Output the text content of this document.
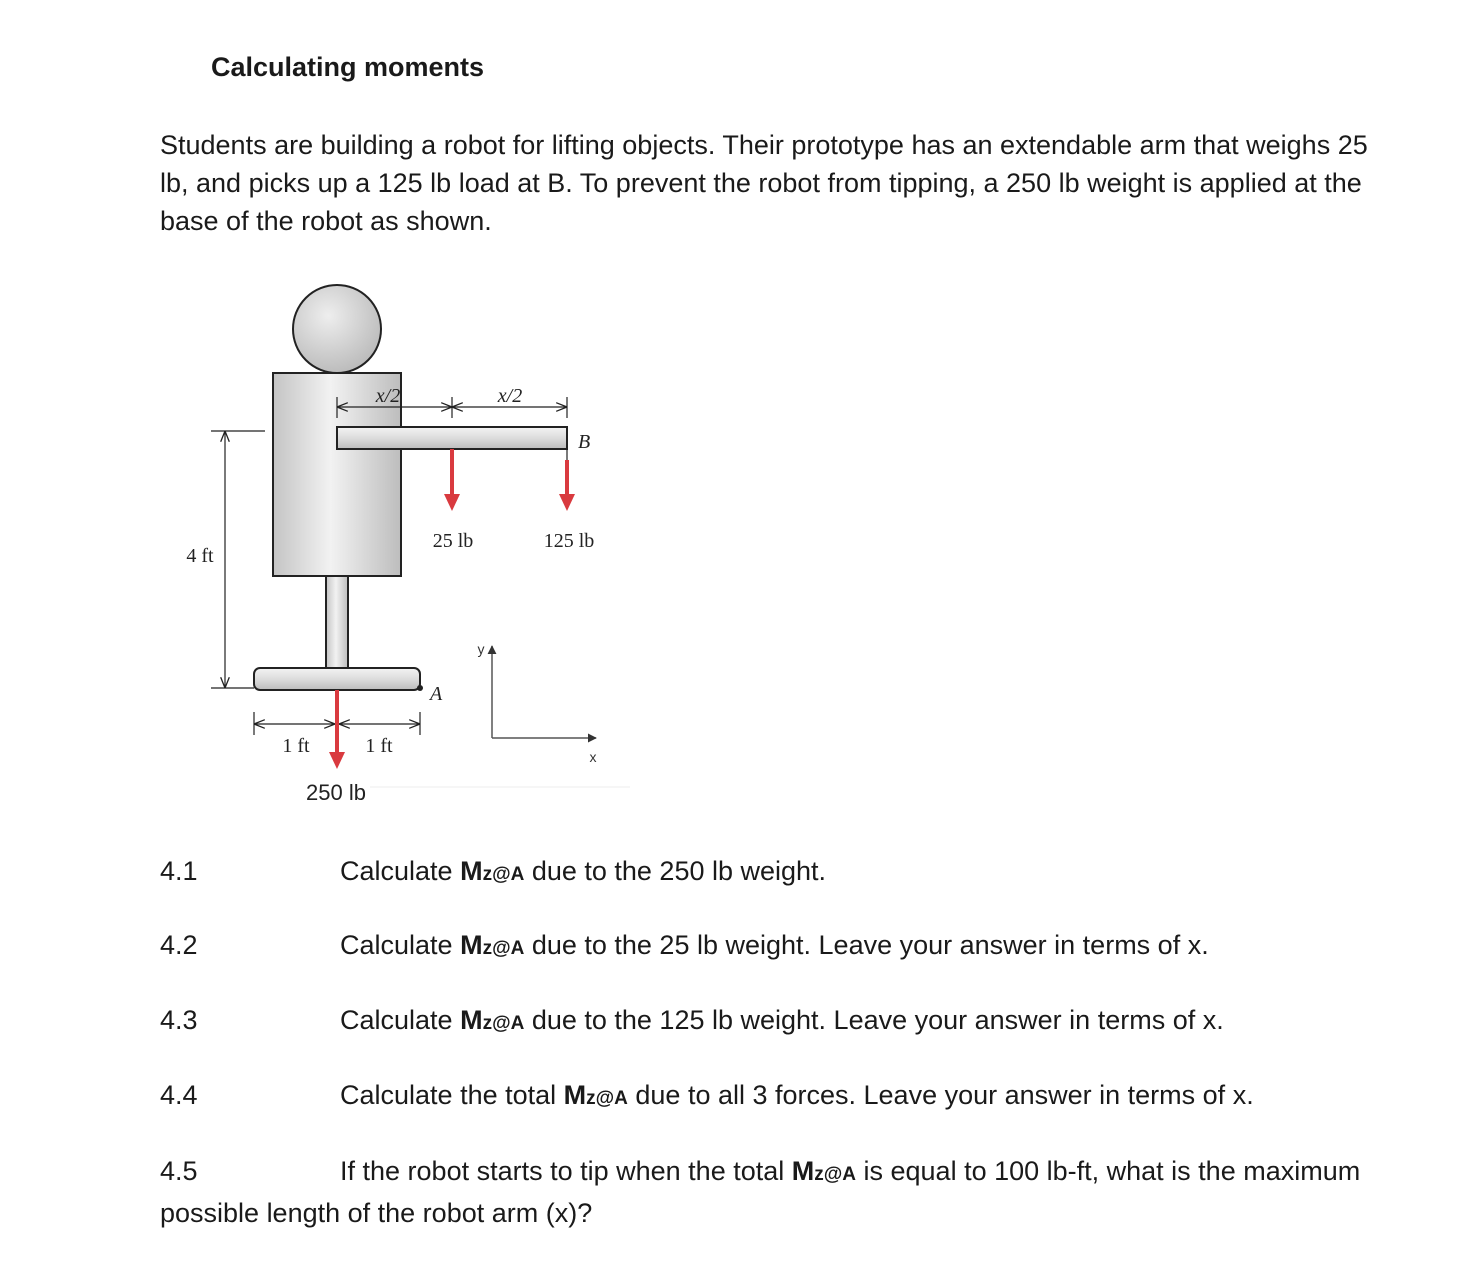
Calculating moments
Students are building a robot for lifting objects. Their prototype has an extendable arm that weighs 25 lb, and picks up a 125 lb load at B. To prevent the robot from tipping, a 250 lb weight is applied at the base of the robot as shown.
4 ft
x/2	x/2
B
A
25 lb	125 lb
1 ft	1 ft
250 lb
y
x
4.1	Calculate Mz@A due to the 250 lb weight.
4.2	Calculate Mz@A due to the 25 lb weight. Leave your answer in terms of x.
4.3	Calculate Mz@A due to the 125 lb weight. Leave your answer in terms of x.
4.4	Calculate the total Mz@A due to all 3 forces. Leave your answer in terms of x.
4.5	If the robot starts to tip when the total Mz@A is equal to 100 lb-ft, what is the maximum possible length of the robot arm (x)?
